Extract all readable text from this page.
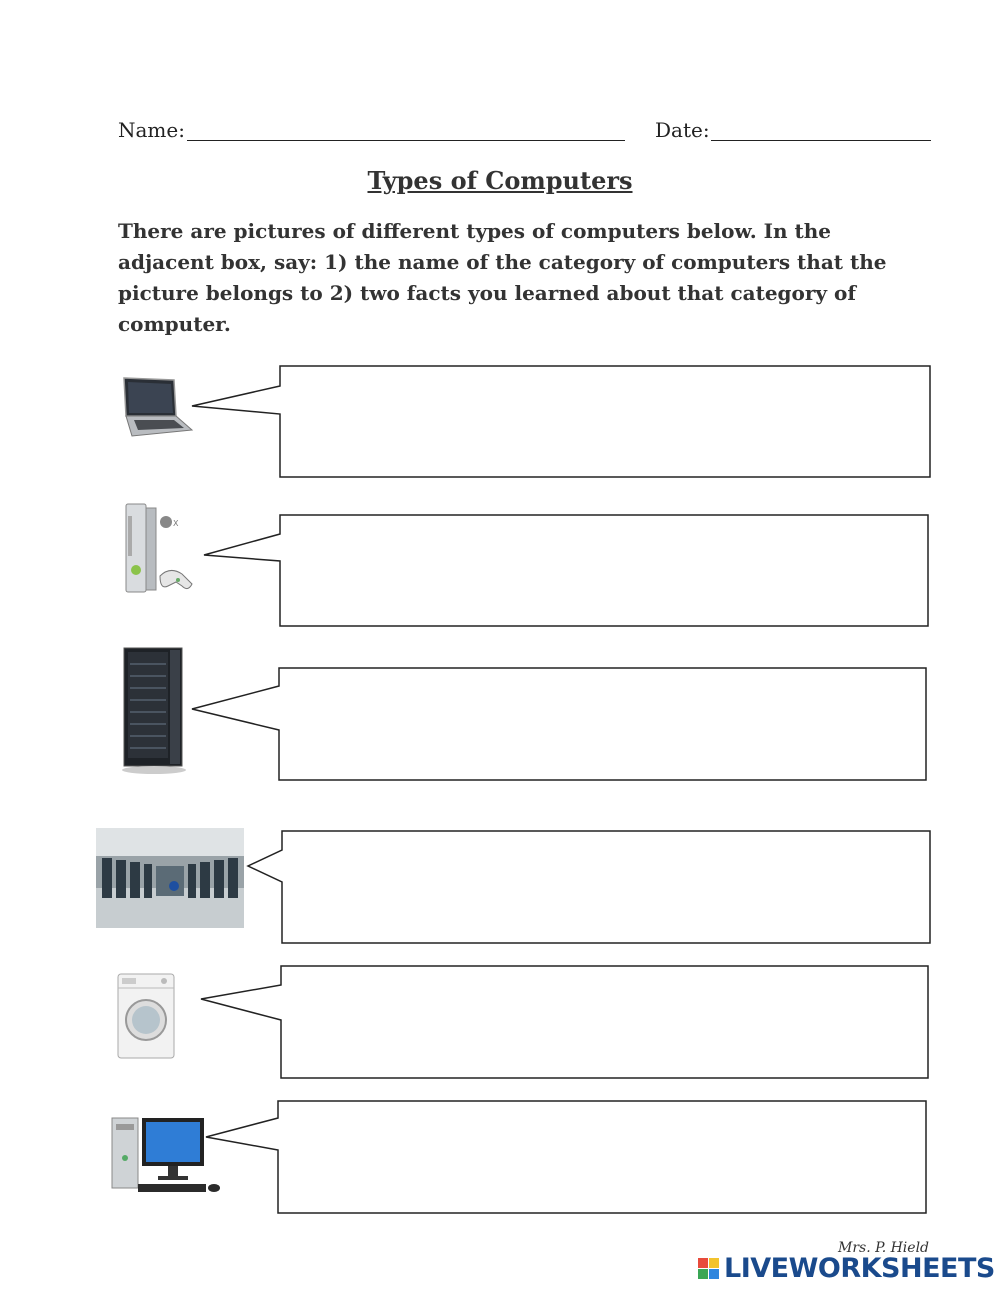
Name:	Date:
Types of Computers
There are pictures of different types of computers below. In the adjacent box, say: 1) the name of the category of computers that the picture belongs to 2) two facts you learned about that category of computer.
X
Mrs. P. Hield
LIVEWORKSHEETS
